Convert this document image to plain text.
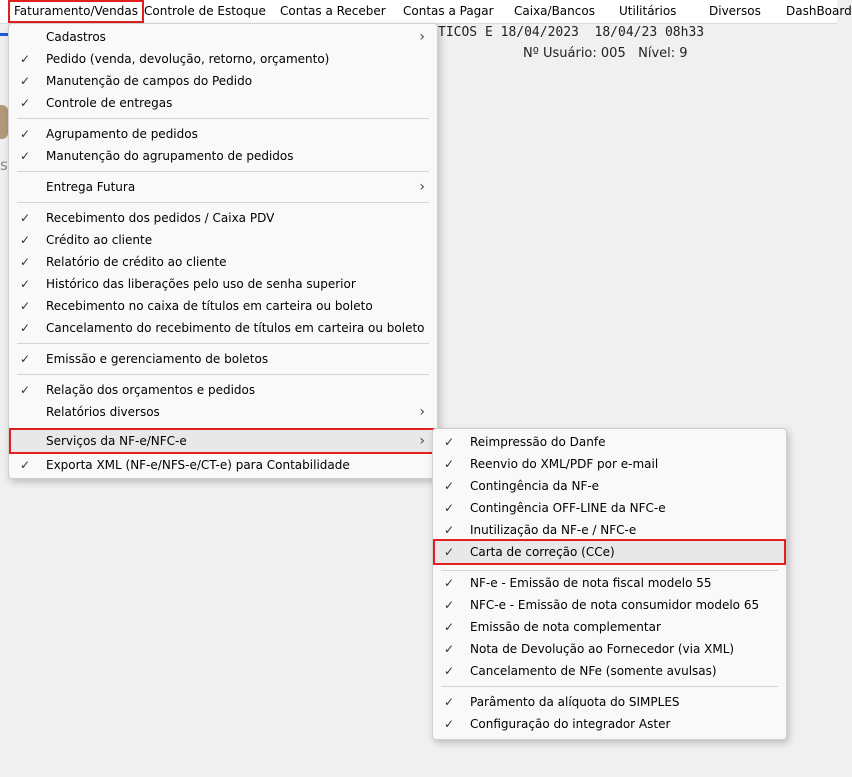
Faturamento/Vendas Controle de Estoque Contas a Receber Contas a Pagar Caixa/Bancos Utilitários	Diversos DashBoard
s
TICOS E 18/04/2023  18/04/23 08h33
Nº Usuário: 005   Nível: 9
Cadastros	›
✓ Pedido (venda, devolução, retorno, orçamento)
✓ Manutenção de campos do Pedido
✓ Controle de entregas
✓ Agrupamento de pedidos
✓ Manutenção do agrupamento de pedidos
Entrega Futura	›
✓ Recebimento dos pedidos / Caixa PDV
✓ Crédito ao cliente
✓ Relatório de crédito ao cliente
✓ Histórico das liberações pelo uso de senha superior
✓ Recebimento no caixa de títulos em carteira ou boleto
✓ Cancelamento do recebimento de títulos em carteira ou boleto
✓ Emissão e gerenciamento de boletos
✓ Relação dos orçamentos e pedidos
Relatórios diversos	›
Serviços da NF-e/NFC-e	›
✓ Exporta XML (NF-e/NFS-e/CT-e) para Contabilidade
✓ Reimpressão do Danfe
✓ Reenvio do XML/PDF por e-mail
✓ Contingência da NF-e
✓ Contingência OFF-LINE da NFC-e
✓ Inutilização da NF-e / NFC-e
✓ Carta de correção (CCe)
✓ NF-e - Emissão de nota fiscal modelo 55
✓ NFC-e - Emissão de nota consumidor modelo 65
✓ Emissão de nota complementar
✓ Nota de Devolução ao Fornecedor (via XML)
✓ Cancelamento de NFe (somente avulsas)
✓ Parâmento da alíquota do SIMPLES
✓ Configuração do integrador Aster
